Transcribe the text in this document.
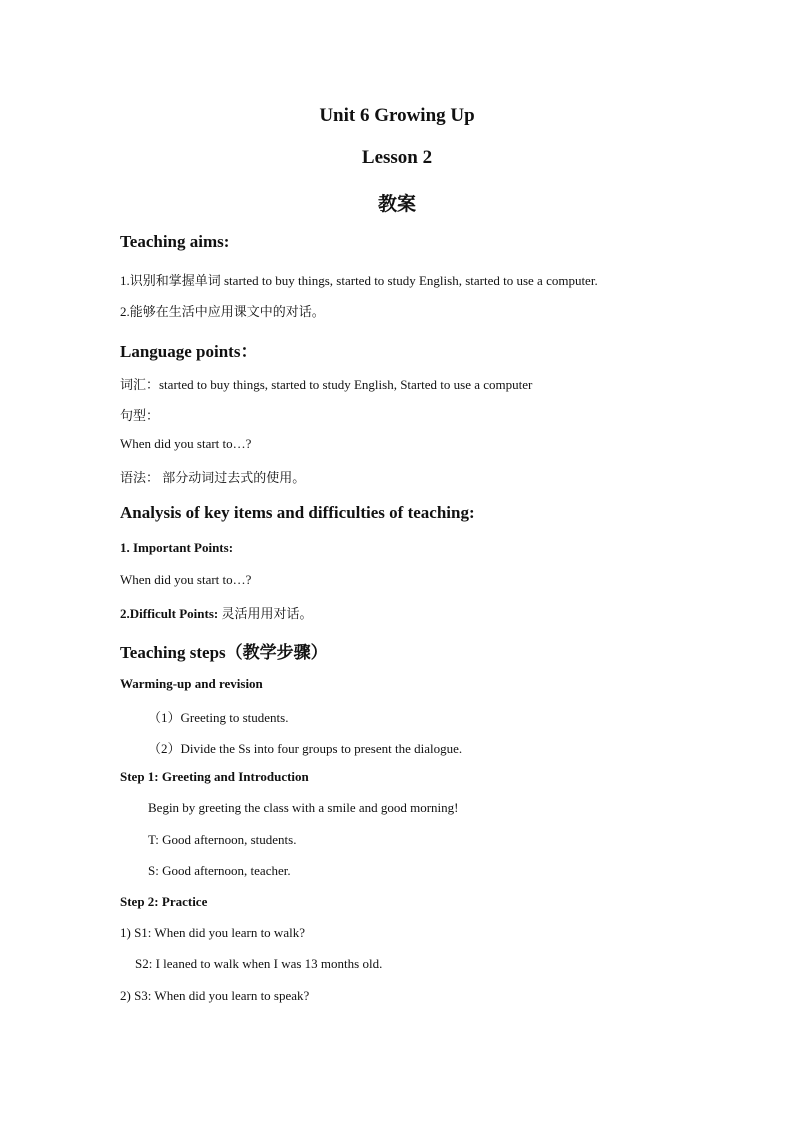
Unit 6 Growing Up
Lesson 2
教案
Teaching aims:
1.识别和掌握单词 started to buy things, started to study English, started to use a computer.
2.能够在生活中应用课文中的对话。
Language points：
词汇：started to buy things, started to study English, Started to use a computer
句型：
When did you start to…?
语法： 部分动词过去式的使用。
Analysis of key items and difficulties of teaching:
1. Important Points:
When did you start to…?
2.Difficult Points: 灵活用用对话。
Teaching steps（教学步骤）
Warming-up and revision
（1）Greeting to students.
（2）Divide the Ss into four groups to present the dialogue.
Step 1: Greeting and Introduction
Begin by greeting the class with a smile and good morning!
T: Good afternoon, students.
S: Good afternoon, teacher.
Step 2: Practice
1) S1: When did you learn to walk?
S2: I leaned to walk when I was 13 months old.
2) S3: When did you learn to speak?
